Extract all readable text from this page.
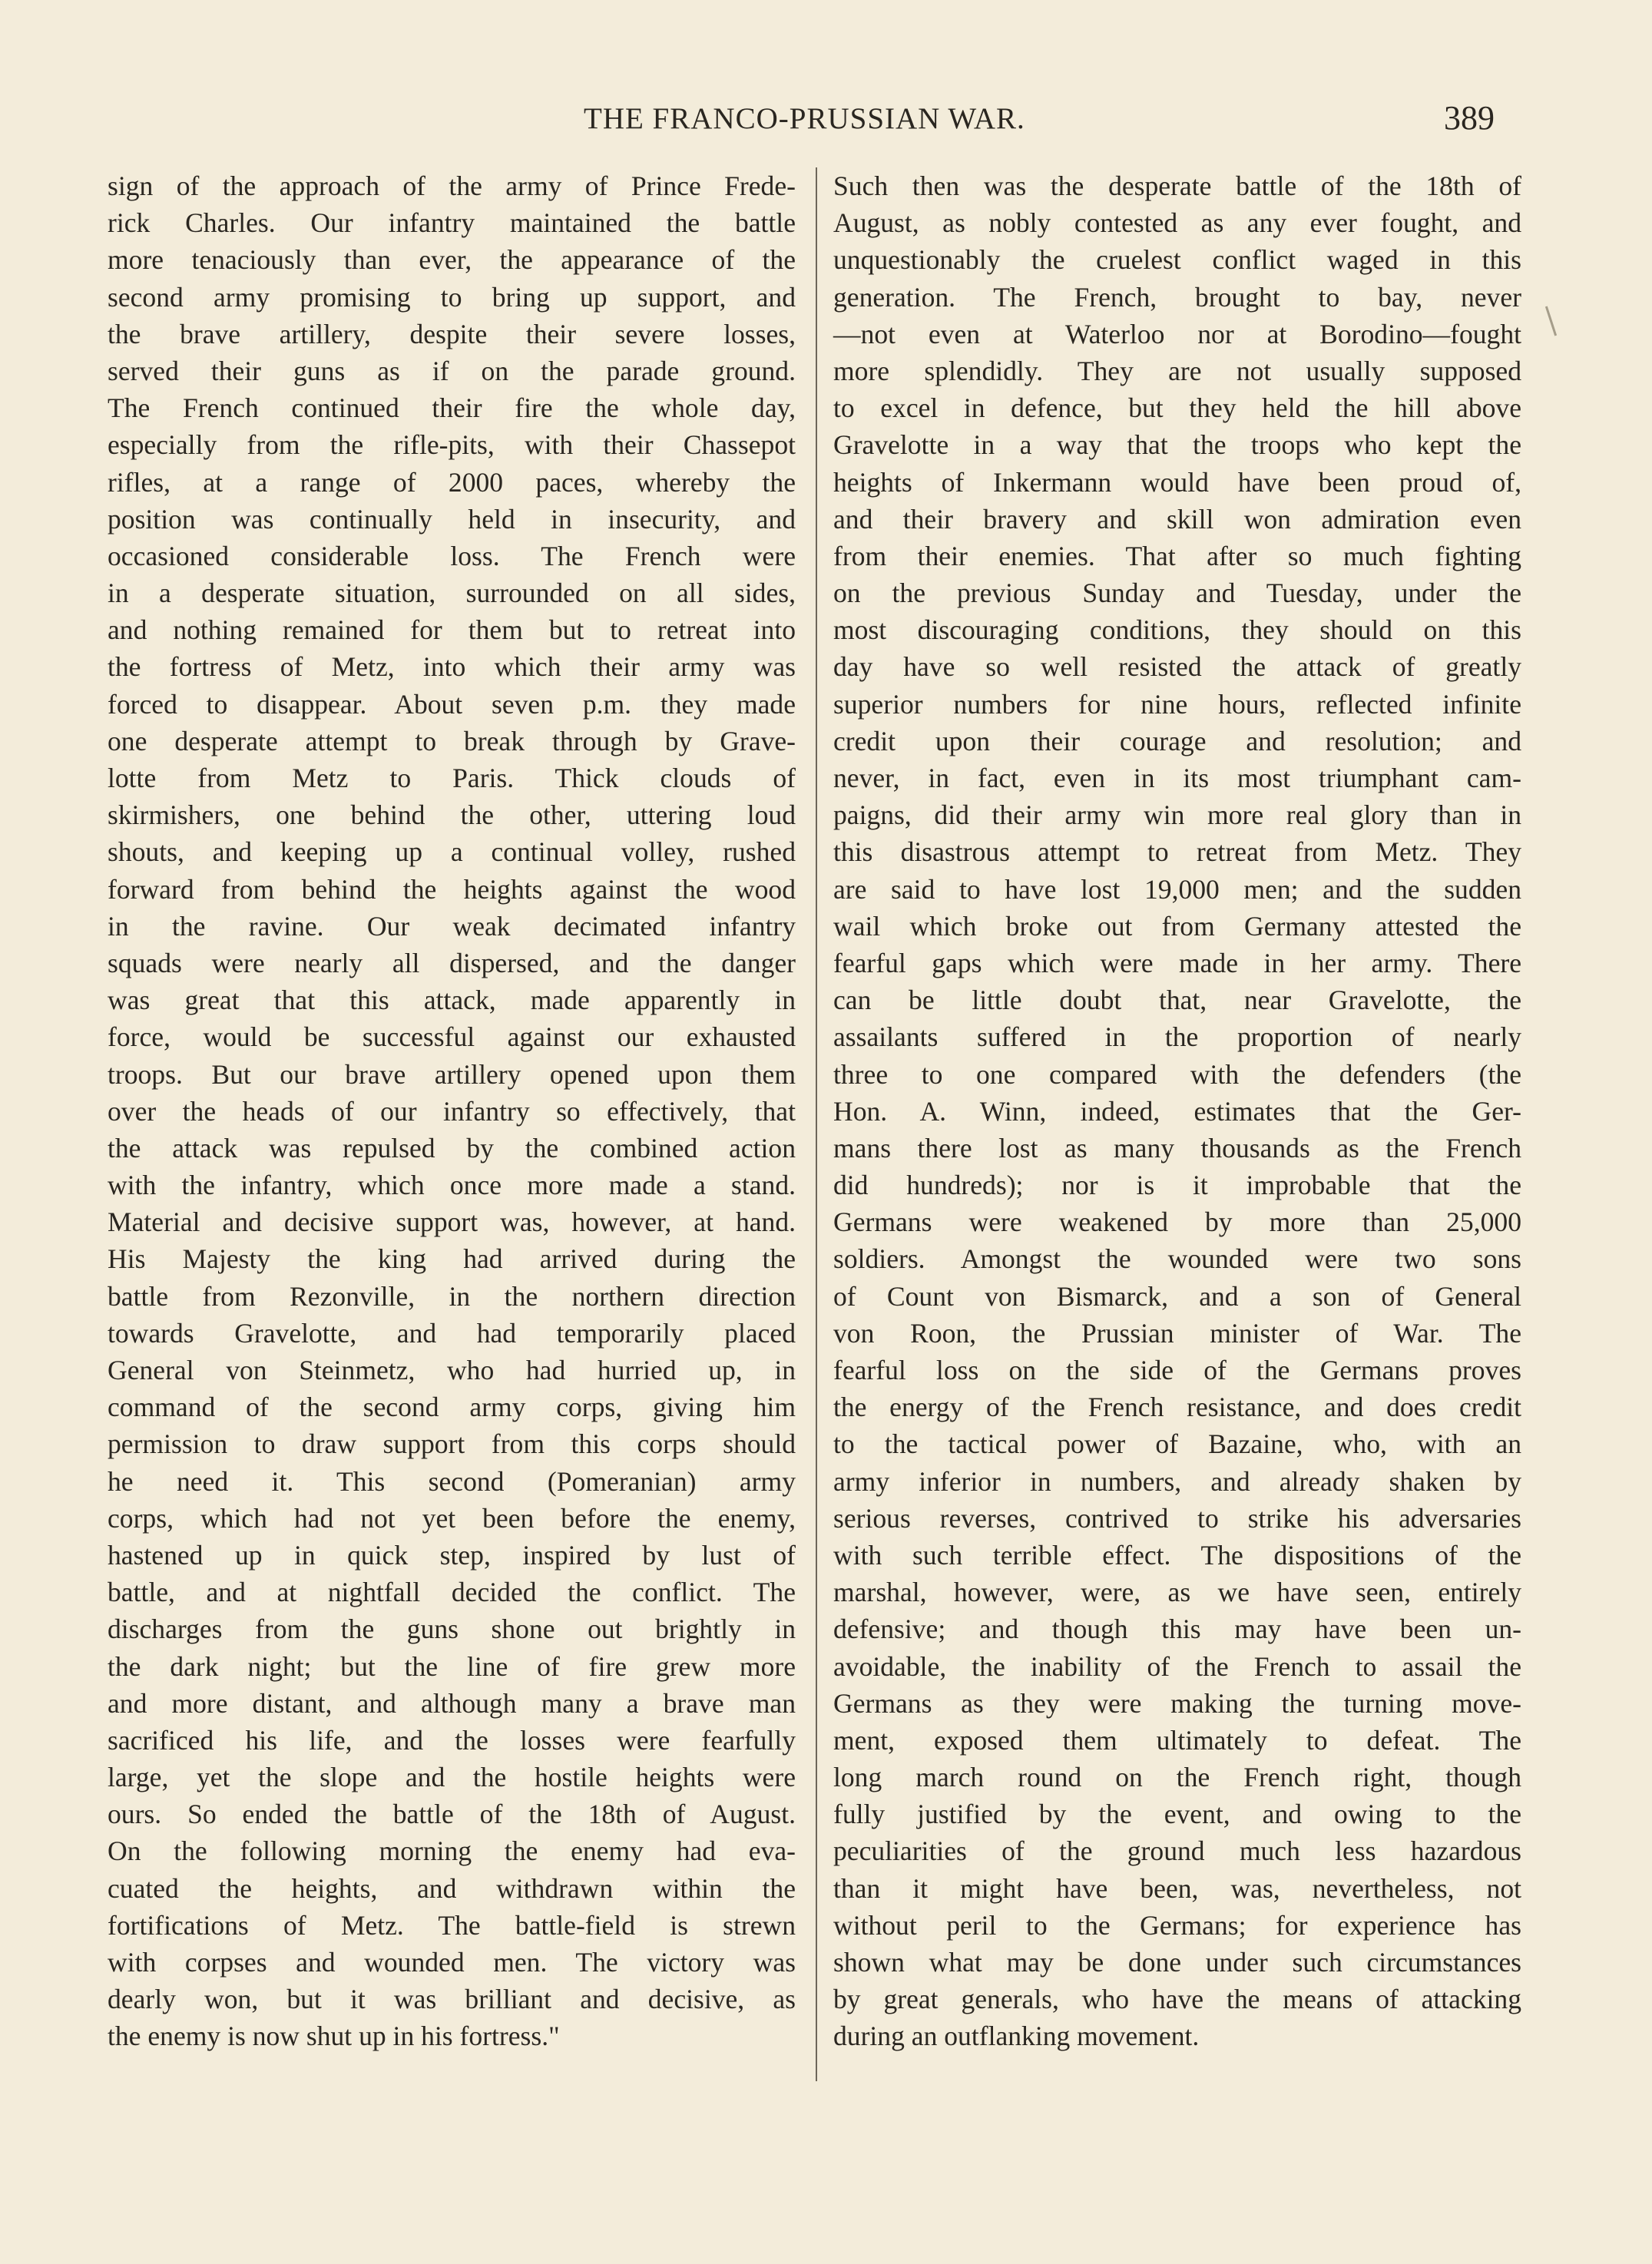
THE FRANCO-PRUSSIAN WAR.	389
sign of the approach of the army of Prince Frede-
rick Charles. Our infantry maintained the battle
more tenaciously than ever, the appearance of the
second army promising to bring up support, and
the brave artillery, despite their severe losses,
served their guns as if on the parade ground.
The French continued their fire the whole day,
especially from the rifle-pits, with their Chassepot
rifles, at a range of 2000 paces, whereby the
position was continually held in insecurity, and
occasioned considerable loss. The French were
in a desperate situation, surrounded on all sides,
and nothing remained for them but to retreat into
the fortress of Metz, into which their army was
forced to disappear. About seven p.m. they made
one desperate attempt to break through by Grave-
lotte from Metz to Paris. Thick clouds of
skirmishers, one behind the other, uttering loud
shouts, and keeping up a continual volley, rushed
forward from behind the heights against the wood
in the ravine. Our weak decimated infantry
squads were nearly all dispersed, and the danger
was great that this attack, made apparently in
force, would be successful against our exhausted
troops. But our brave artillery opened upon them
over the heads of our infantry so effectively, that
the attack was repulsed by the combined action
with the infantry, which once more made a stand.
Material and decisive support was, however, at hand.
His Majesty the king had arrived during the
battle from Rezonville, in the northern direction
towards Gravelotte, and had temporarily placed
General von Steinmetz, who had hurried up, in
command of the second army corps, giving him
permission to draw support from this corps should
he need it. This second (Pomeranian) army
corps, which had not yet been before the enemy,
hastened up in quick step, inspired by lust of
battle, and at nightfall decided the conflict. The
discharges from the guns shone out brightly in
the dark night; but the line of fire grew more
and more distant, and although many a brave man
sacrificed his life, and the losses were fearfully
large, yet the slope and the hostile heights were
ours. So ended the battle of the 18th of August.
On the following morning the enemy had eva-
cuated the heights, and withdrawn within the
fortifications of Metz. The battle-field is strewn
with corpses and wounded men. The victory was
dearly won, but it was brilliant and decisive, as
the enemy is now shut up in his fortress."
Such then was the desperate battle of the 18th of
August, as nobly contested as any ever fought, and
unquestionably the cruelest conflict waged in this
generation. The French, brought to bay, never
—not even at Waterloo nor at Borodino—fought
more splendidly. They are not usually supposed
to excel in defence, but they held the hill above
Gravelotte in a way that the troops who kept the
heights of Inkermann would have been proud of,
and their bravery and skill won admiration even
from their enemies. That after so much fighting
on the previous Sunday and Tuesday, under the
most discouraging conditions, they should on this
day have so well resisted the attack of greatly
superior numbers for nine hours, reflected infinite
credit upon their courage and resolution; and
never, in fact, even in its most triumphant cam-
paigns, did their army win more real glory than in
this disastrous attempt to retreat from Metz. They
are said to have lost 19,000 men; and the sudden
wail which broke out from Germany attested the
fearful gaps which were made in her army. There
can be little doubt that, near Gravelotte, the
assailants suffered in the proportion of nearly
three to one compared with the defenders (the
Hon. A. Winn, indeed, estimates that the Ger-
mans there lost as many thousands as the French
did hundreds); nor is it improbable that the
Germans were weakened by more than 25,000
soldiers. Amongst the wounded were two sons
of Count von Bismarck, and a son of General
von Roon, the Prussian minister of War. The
fearful loss on the side of the Germans proves
the energy of the French resistance, and does credit
to the tactical power of Bazaine, who, with an
army inferior in numbers, and already shaken by
serious reverses, contrived to strike his adversaries
with such terrible effect. The dispositions of the
marshal, however, were, as we have seen, entirely
defensive; and though this may have been un-
avoidable, the inability of the French to assail the
Germans as they were making the turning move-
ment, exposed them ultimately to defeat. The
long march round on the French right, though
fully justified by the event, and owing to the
peculiarities of the ground much less hazardous
than it might have been, was, nevertheless, not
without peril to the Germans; for experience has
shown what may be done under such circumstances
by great generals, who have the means of attacking
during an outflanking movement.
